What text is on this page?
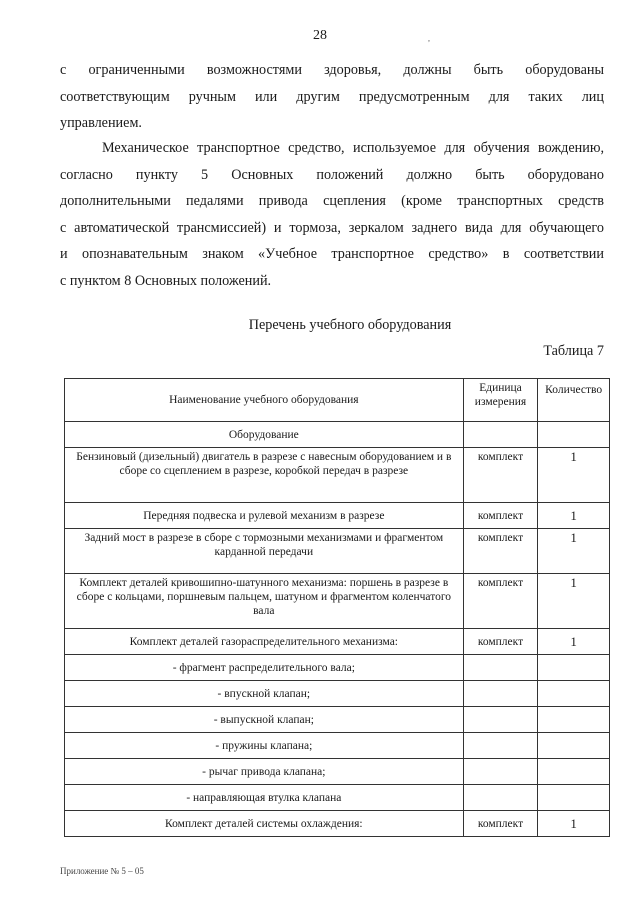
28	,

с ограниченными возможностями здоровья, должны быть оборудованы
соответствующим ручным или другим предусмотренным для таких лиц
управлением.

Механическое транспортное средство, используемое для обучения вождению,
согласно пункту 5 Основных положений должно быть оборудовано
дополнительными педалями привода сцепления (кроме транспортных средств
с автоматической трансмиссией) и тормоза, зеркалом заднего вида для обучающего
и опознавательным знаком «Учебное транспортное средство» в соответствии
с пунктом 8 Основных положений.

Перечень учебного оборудования
Таблица 7
Наименование учебного оборудования	Единица измерения	Количество
Оборудование		
Бензиновый (дизельный) двигатель в разрезе с навесным оборудованием и в сборе со сцеплением в разрезе, коробкой передач в разрезе	комплект	1
Передняя подвеска и рулевой механизм в разрезе	комплект	1
Задний мост в разрезе в сборе с тормозными механизмами и фрагментом карданной передачи	комплект	1
Комплект деталей кривошипно-шатунного механизма: поршень в разрезе в сборе с кольцами, поршневым пальцем, шатуном и фрагментом коленчатого вала	комплект	1
Комплект деталей газораспределительного механизма:	комплект	1
- фрагмент распределительного вала;		
- впускной клапан;		
- выпускной клапан;		
- пружины клапана;		
- рычаг привода клапана;		
- направляющая втулка клапана		
Комплект деталей системы охлаждения:	комплект	1
Приложение № 5 – 05
